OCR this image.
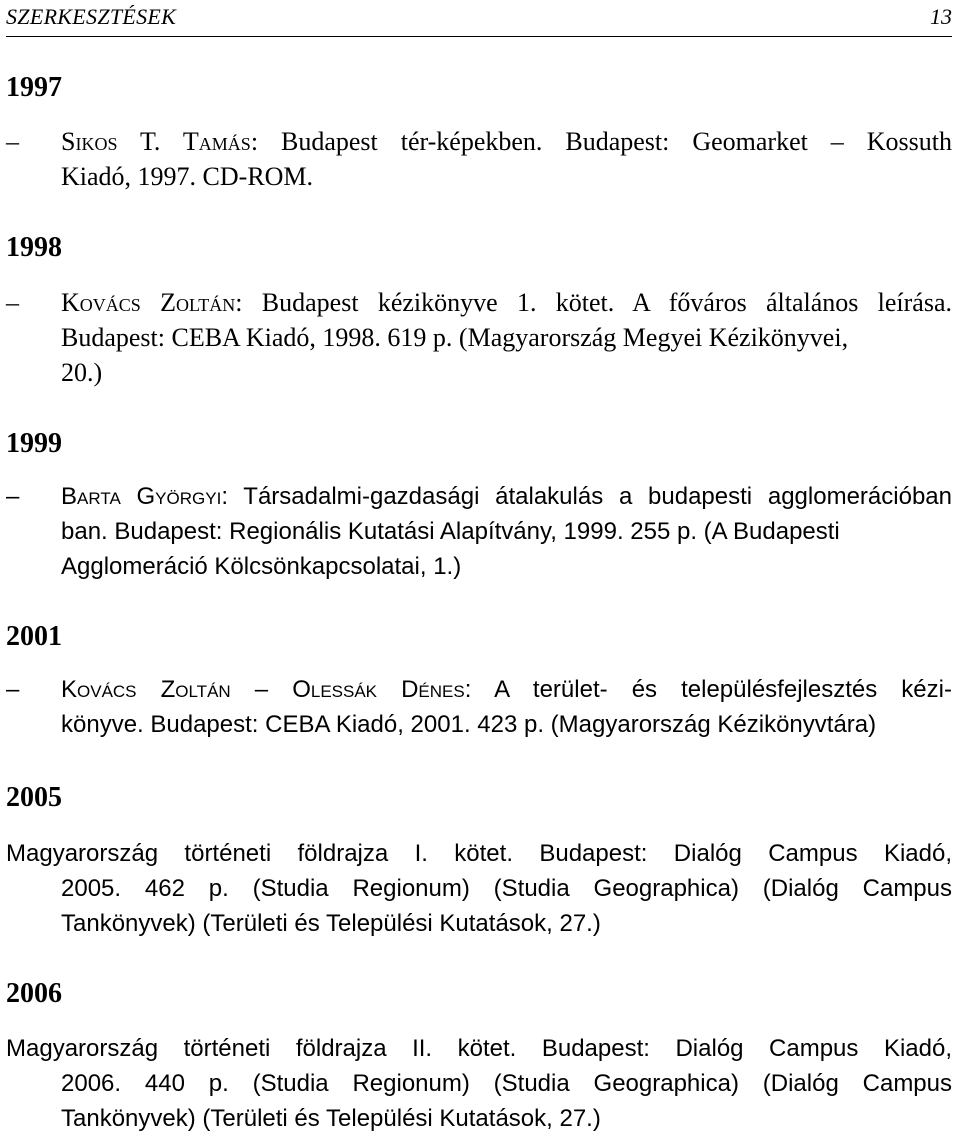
SZERKESZTÉSEK	13
1997
– Sikos T. Tamás: Budapest tér-képekben. Budapest: Geomarket – Kossuth
Kiadó, 1997. CD-ROM.
1998
– Kovács Zoltán: Budapest kézikönyve 1. kötet. A főváros általános leírása.
Budapest: CEBA Kiadó, 1998. 619 p. (Magyarország Megyei Kézikönyvei,
20.)
1999
– Barta Györgyi: Társadalmi-gazdasági átalakulás a budapesti agglomerációban
ban. Budapest: Regionális Kutatási Alapítvány, 1999. 255 p. (A Budapesti
Agglomeráció Kölcsönkapcsolatai, 1.)
2001
– Kovács Zoltán – Olessák Dénes: A terület- és településfejlesztés kézi-
könyve. Budapest: CEBA Kiadó, 2001. 423 p. (Magyarország Kézikönyvtára)
2005
Magyarország történeti földrajza I. kötet. Budapest: Dialóg Campus Kiadó,
2005. 462 p. (Studia Regionum) (Studia Geographica) (Dialóg Campus
Tankönyvek) (Területi és Települési Kutatások, 27.)
2006
Magyarország történeti földrajza II. kötet. Budapest: Dialóg Campus Kiadó,
2006. 440 p. (Studia Regionum) (Studia Geographica) (Dialóg Campus
Tankönyvek) (Területi és Települési Kutatások, 27.)
